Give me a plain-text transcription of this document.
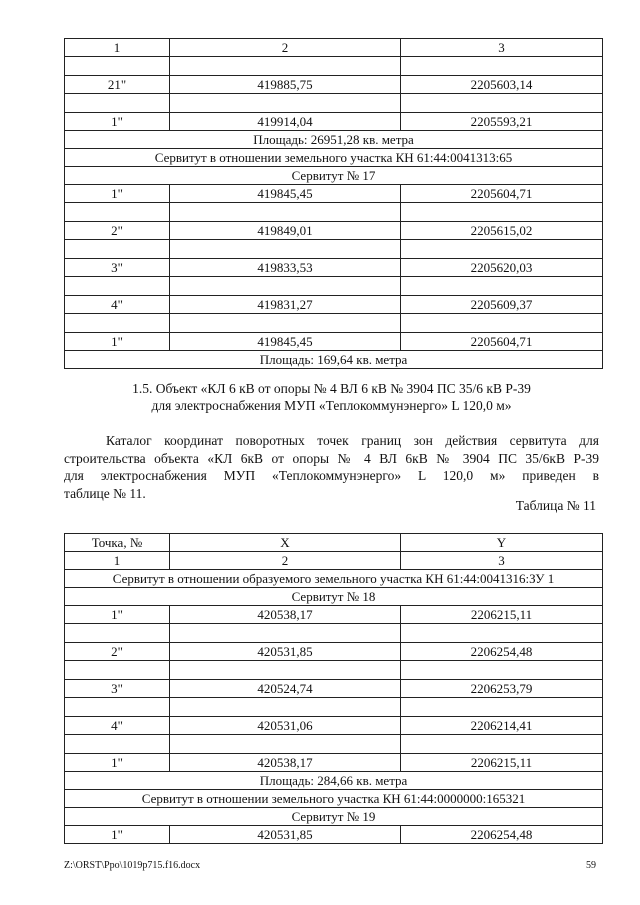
1	2	3

21"	419885,75	2205603,14

1"	419914,04	2205593,21
Площадь: 26951,28 кв. метра		
Сервитут в отношении земельного участка КН 61:44:0041313:65		
Сервитут № 17		
1"	419845,45	2205604,71

2"	419849,01	2205615,02

3"	419833,53	2205620,03

4"	419831,27	2205609,37

1"	419845,45	2205604,71
Площадь: 169,64 кв. метра		
1.5. Объект «КЛ 6 кВ от опоры № 4 ВЛ 6 кВ № 3904 ПС 35/6 кВ Р-39
для электроснабжения МУП «Теплокоммунэнерго» L 120,0 м»
Каталог координат поворотных точек границ зон действия сервитута для
строительства объекта «КЛ 6кВ от опоры № 4 ВЛ 6кВ № 3904 ПС 35/6кВ Р-39
для электроснабжения МУП «Теплокоммунэнерго» L 120,0 м» приведен в
таблице № 11.
Таблица № 11
Точка, №	X	Y
1	2	3
Сервитут в отношении образуемого земельного участка КН 61:44:0041316:ЗУ 1		
Сервитут № 18		
1"	420538,17	2206215,11

2"	420531,85	2206254,48

3"	420524,74	2206253,79

4"	420531,06	2206214,41

1"	420538,17	2206215,11
Площадь: 284,66 кв. метра		
Сервитут в отношении земельного участка КН 61:44:0000000:165321		
Сервитут № 19		
1"	420531,85	2206254,48
Z:\ORST\Ppo\1019p715.f16.docx	59
